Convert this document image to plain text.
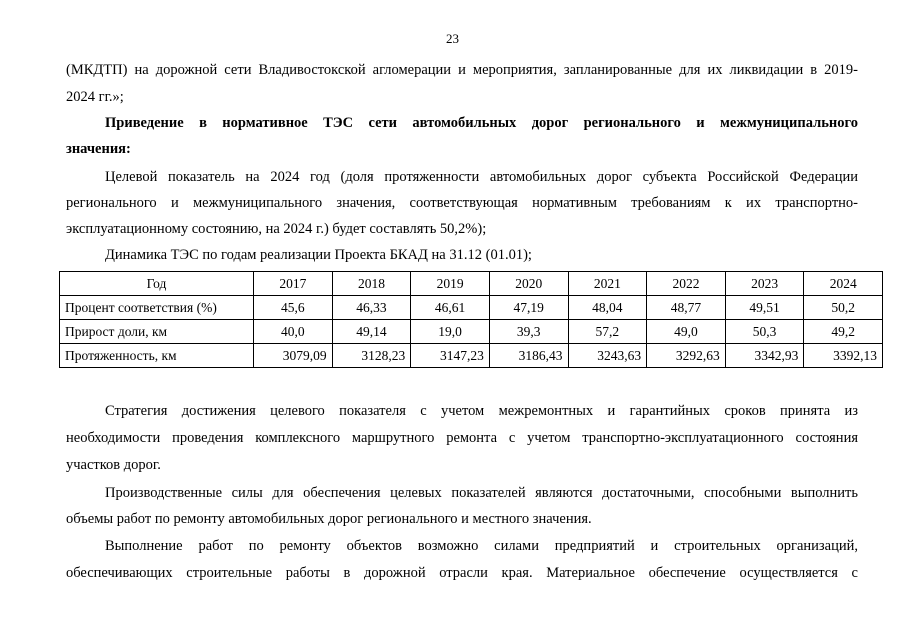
23

(МКДТП) на дорожной сети Владивостокской агломерации и мероприятия, запланированные для их ликвидации в 2019-

2024 гг.»;

Приведение в нормативное ТЭС сети автомобильных дорог регионального и межмуниципального

значения:

Целевой показатель на 2024 год (доля протяженности автомобильных дорог субъекта Российской Федерации

регионального и межмуниципального значения, соответствующая нормативным требованиям к их транспортно-

эксплуатационному состоянию, на 2024 г.) будет составлять 50,2%);

Динамика ТЭС по годам реализации Проекта БКАД на 31.12 (01.01);

Год	2017	2018	2019	2020	2021	2022	2023	2024
Процент соответствия (%)	45,6	46,33	46,61	47,19	48,04	48,77	49,51	50,2
Прирост доли, км	40,0	49,14	19,0	39,3	57,2	49,0	50,3	49,2
Протяженность, км	3079,09	3128,23	3147,23	3186,43	3243,63	3292,63	3342,93	3392,13

Стратегия достижения целевого показателя с учетом межремонтных и гарантийных сроков принята из

необходимости проведения комплексного маршрутного ремонта с учетом транспортно-эксплуатационного состояния

участков дорог.

Производственные силы для обеспечения целевых показателей являются достаточными, способными выполнить

объемы работ по ремонту автомобильных дорог регионального и местного значения.

Выполнение работ по ремонту объектов возможно силами предприятий и строительных организаций,

обеспечивающих строительные работы в дорожной отрасли края. Материальное обеспечение осуществляется с
